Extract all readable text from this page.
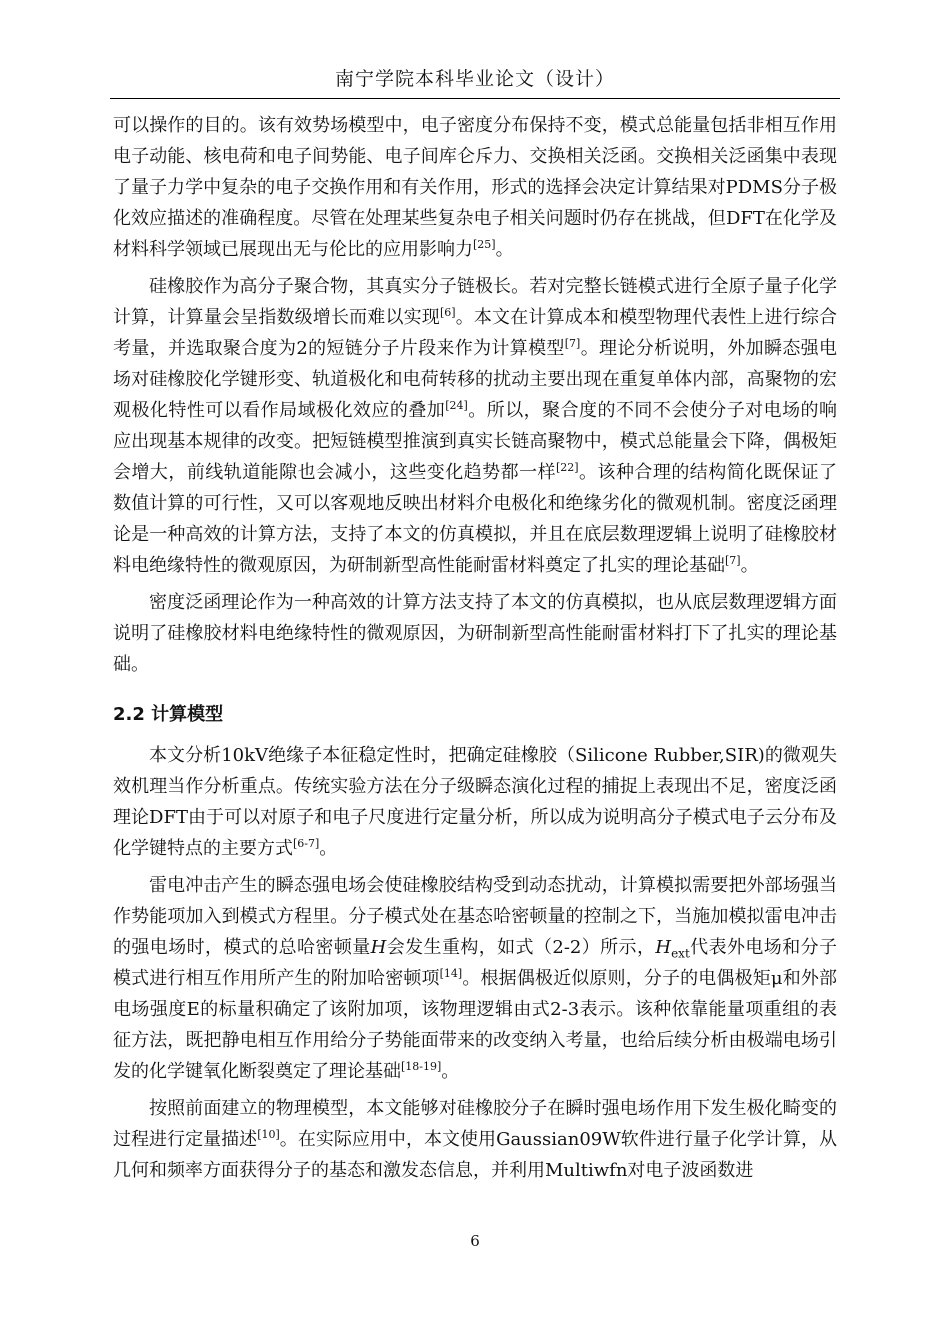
南宁学院本科毕业论文（设计）

可以操作的目的。该有效势场模型中，电子密度分布保持不变，模式总能量包括非相互作用电子动能、核电荷和电子间势能、电子间库仑斥力、交换相关泛函。交换相关泛函集中表现了量子力学中复杂的电子交换作用和有关作用，形式的选择会决定计算结果对PDMS分子极化效应描述的准确程度。尽管在处理某些复杂电子相关问题时仍存在挑战，但DFT在化学及材料科学领域已展现出无与伦比的应用影响力[25]。

硅橡胶作为高分子聚合物，其真实分子链极长。若对完整长链模式进行全原子量子化学计算，计算量会呈指数级增长而难以实现[6]。本文在计算成本和模型物理代表性上进行综合考量，并选取聚合度为2的短链分子片段来作为计算模型[7]。理论分析说明，外加瞬态强电场对硅橡胶化学键形变、轨道极化和电荷转移的扰动主要出现在重复单体内部，高聚物的宏观极化特性可以看作局域极化效应的叠加[24]。所以，聚合度的不同不会使分子对电场的响应出现基本规律的改变。把短链模型推演到真实长链高聚物中，模式总能量会下降，偶极矩会增大，前线轨道能隙也会减小，这些变化趋势都一样[22]。该种合理的结构简化既保证了数值计算的可行性，又可以客观地反映出材料介电极化和绝缘劣化的微观机制。密度泛函理论是一种高效的计算方法，支持了本文的仿真模拟，并且在底层数理逻辑上说明了硅橡胶材料电绝缘特性的微观原因，为研制新型高性能耐雷材料奠定了扎实的理论基础[7]。

密度泛函理论作为一种高效的计算方法支持了本文的仿真模拟，也从底层数理逻辑方面说明了硅橡胶材料电绝缘特性的微观原因，为研制新型高性能耐雷材料打下了扎实的理论基础。

2.2 计算模型

本文分析10kV绝缘子本征稳定性时，把确定硅橡胶（Silicone Rubber,SIR)的微观失效机理当作分析重点。传统实验方法在分子级瞬态演化过程的捕捉上表现出不足，密度泛函理论DFT由于可以对原子和电子尺度进行定量分析，所以成为说明高分子模式电子云分布及化学键特点的主要方式[6-7]。

雷电冲击产生的瞬态强电场会使硅橡胶结构受到动态扰动，计算模拟需要把外部场强当作势能项加入到模式方程里。分子模式处在基态哈密顿量的控制之下，当施加模拟雷电冲击的强电场时，模式的总哈密顿量H会发生重构，如式（2-2）所示，$H_{ext}$代表外电场和分子模式进行相互作用所产生的附加哈密顿项[14]。根据偶极近似原则，分子的电偶极矩μ和外部电场强度E的标量积确定了该附加项，该物理逻辑由式2-3表示。该种依靠能量项重组的表征方法，既把静电相互作用给分子势能面带来的改变纳入考量，也给后续分析由极端电场引发的化学键氧化断裂奠定了理论基础[18-19]。

按照前面建立的物理模型，本文能够对硅橡胶分子在瞬时强电场作用下发生极化畸变的过程进行定量描述[10]。在实际应用中，本文使用Gaussian09W软件进行量子化学计算，从几何和频率方面获得分子的基态和激发态信息，并利用Multiwfn对电子波函数进

6
